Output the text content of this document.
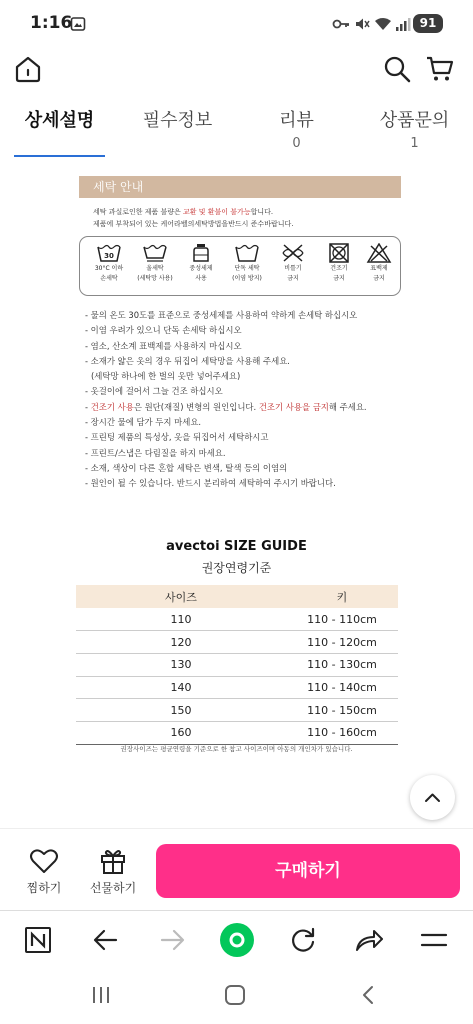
1:16	91
상세설명	필수정보	리뷰
0
상품문의
1
세탁 안내
세탁 과실로인한 제품 불량은 교환 및 환불이 불가능합니다.
제품에 부착되어 있는 케어라벨의세탁방법을반드시 준수바랍니다.
30
30°C 이하
손세탁
울세탁
(세탁망 사용)
중성세제
사용
단독 세탁
(이염 방지)
비틀기
금지
건조기
금지
표백제
금지
- 물의 온도 30도를 표준으로 중성세제를 사용하여 약하게 손세탁 하십시오
- 이염 우려가 있으니 단독 손세탁 하십시오
- 염소, 산소계 표백제를 사용하지 마십시오
- 소재가 얇은 옷의 경우 뒤집어 세탁망을 사용해 주세요.
(세탁망 하나에 한 벌의 옷만 넣어주세요)
- 옷걸이에 걸어서 그늘 건조 하십시오
- 건조기 사용은 원단(재질) 변형의 원인입니다. 건조기 사용을 금지해 주세요.
- 장시간 물에 담가 두지 마세요.
- 프린팅 제품의 특성상, 옷을 뒤집어서 세탁하시고
- 프린트/스냅은 다림질을 하지 마세요.
- 소재, 색상이 다른 혼합 세탁은 변색, 탈색 등의 이염의
- 원인이 될 수 있습니다. 반드시 분리하여 세탁하여 주시기 바랍니다.
avectoi SIZE GUIDE
권장연령기준
사이즈	키
110	110 - 110cm
120	110 - 120cm
130	110 - 130cm
140	110 - 140cm
150	110 - 150cm
160	110 - 160cm
권장사이즈는 평균연령을 기준으로 한 참고 사이즈이며 아동의 개인차가 있습니다.
찜하기	선물하기
구매하기
